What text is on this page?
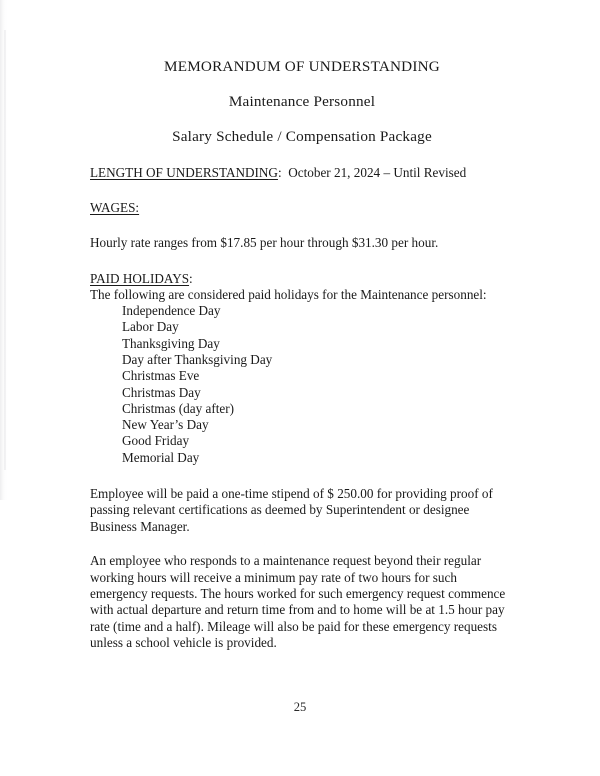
MEMORANDUM OF UNDERSTANDING
Maintenance Personnel
Salary Schedule / Compensation Package
LENGTH OF UNDERSTANDING: October 21, 2024 – Until Revised
WAGES:
Hourly rate ranges from $17.85 per hour through $31.30 per hour.
PAID HOLIDAYS:
The following are considered paid holidays for the Maintenance personnel:
Independence Day
Labor Day
Thanksgiving Day
Day after Thanksgiving Day
Christmas Eve
Christmas Day
Christmas (day after)
New Year’s Day
Good Friday
Memorial Day
Employee will be paid a one-time stipend of $ 250.00 for providing proof of passing relevant certifications as deemed by Superintendent or designee Business Manager.
An employee who responds to a maintenance request beyond their regular working hours will receive a minimum pay rate of two hours for such emergency requests. The hours worked for such emergency request commence with actual departure and return time from and to home will be at 1.5 hour pay rate (time and a half). Mileage will also be paid for these emergency requests unless a school vehicle is provided.
25
